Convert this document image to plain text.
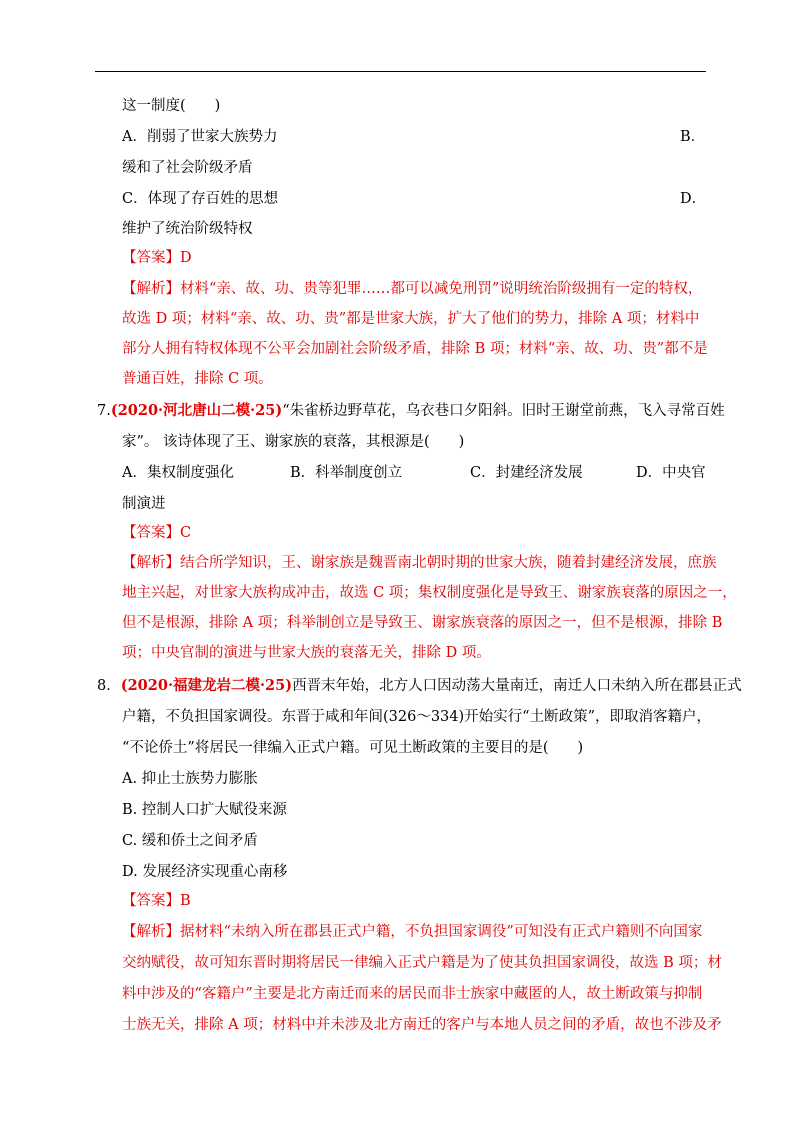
这一制度(　　)
A．削弱了世家大族势力	B．
缓和了社会阶级矛盾
C．体现了存百姓的思想	D．
维护了统治阶级特权
【答案】D
【解析】材料“亲、故、功、贵等犯罪……都可以减免刑罚”说明统治阶级拥有一定的特权，
故选 D 项；材料“亲、故、功、贵”都是世家大族，扩大了他们的势力，排除 A 项；材料中
部分人拥有特权体现不公平会加剧社会阶级矛盾，排除 B 项；材料“亲、故、功、贵”都不是
普通百姓，排除 C 项。
7.(2020·河北唐山二模·25)“朱雀桥边野草花，乌衣巷口夕阳斜。旧时王谢堂前燕，飞入寻常百姓
家”。 该诗体现了王、谢家族的衰落，其根源是(　　)
A．集权制度强化	B．科举制度创立	C．封建经济发展	D．中央官
制演进
【答案】C
【解析】结合所学知识，王、谢家族是魏晋南北朝时期的世家大族，随着封建经济发展，庶族
地主兴起，对世家大族构成冲击，故选 C 项；集权制度强化是导致王、谢家族衰落的原因之一，
但不是根源，排除 A 项；科举制创立是导致王、谢家族衰落的原因之一，但不是根源，排除 B
项；中央官制的演进与世家大族的衰落无关，排除 D 项。
8．(2020·福建龙岩二模·25)西晋末年始，北方人口因动荡大量南迁，南迁人口未纳入所在郡县正式
户籍，不负担国家调役。东晋于咸和年间(326～334)开始实行“土断政策”，即取消客籍户，
“不论侨土”将居民一律编入正式户籍。可见土断政策的主要目的是(　　)
A. 抑止士族势力膨胀
B. 控制人口扩大赋役来源
C. 缓和侨土之间矛盾
D. 发展经济实现重心南移
【答案】B
【解析】据材料“未纳入所在郡县正式户籍，不负担国家调役”可知没有正式户籍则不向国家
交纳赋役，故可知东晋时期将居民一律编入正式户籍是为了使其负担国家调役，故选 B 项；材
料中涉及的“客籍户”主要是北方南迁而来的居民而非士族家中藏匿的人，故土断政策与抑制
士族无关，排除 A 项；材料中并未涉及北方南迁的客户与本地人员之间的矛盾，故也不涉及矛
